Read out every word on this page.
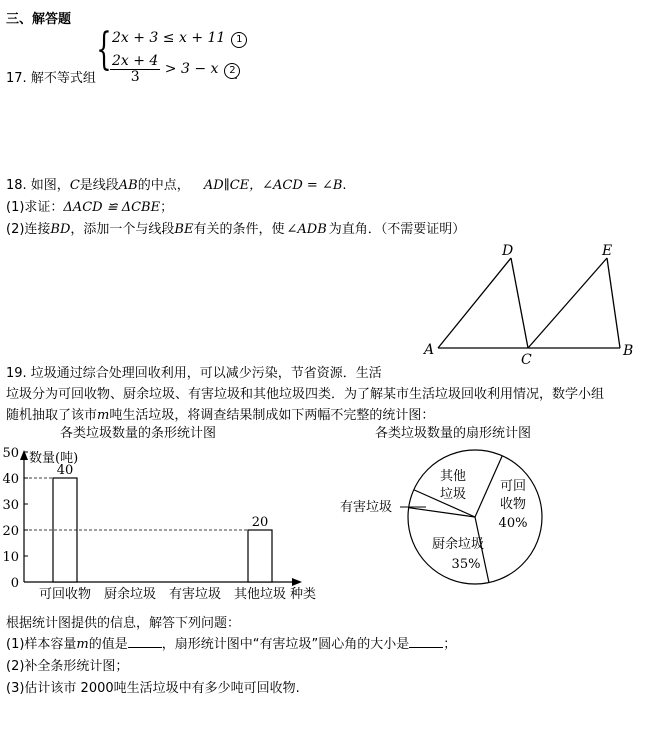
三、解答题
17. 解不等式组
{ 2x + 3 ≤ x + 11 1
$\frac{2x + 4}{3} > 3 - x$ 2
.
18. 如图，C是线段AB的中点， AD∥CE，∠ACD = ∠B.
(1)求证：ΔACD ≌ ΔCBE；
(2)连接BD，添加一个与线段BE有关的条件，使 ∠ADB 为直角．（不需要证明）
A	B
C
D	E
19. 垃圾通过综合处理回收利用，可以减少污染，节省资源．生活
垃圾分为可回收物、厨余垃圾、有害垃圾和其他垃圾四类．为了解某市生活垃圾回收利用情况，数学小组
随机抽取了该市m吨生活垃圾，将调查结果制成如下两幅不完整的统计图：
各类垃圾数量的条形统计图
数量(吨)
种类
0
10
20
30
40
50
可回收物
40
厨余垃圾 有害垃圾 其他垃圾
20
各类垃圾数量的扇形统计图
可回
收物
40%
厨余垃圾
35%
其他
垃圾
有害垃圾
根据统计图提供的信息，解答下列问题：
(1)样本容量m的值是	，扇形统计图中“有害垃圾”圆心角的大小是	；
(2)补全条形统计图；
(3)估计该市 2000吨生活垃圾中有多少吨可回收物.
